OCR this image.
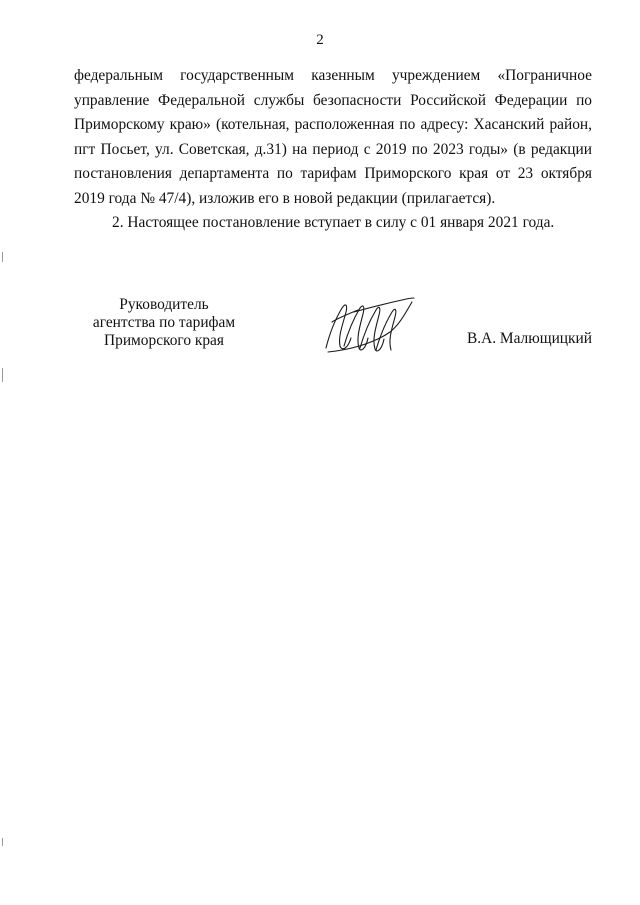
2

федеральным государственным казенным учреждением «Пограничное управление Федеральной службы безопасности Российской Федерации по Приморскому краю» (котельная, расположенная по адресу: Хасанский район, пгт Посьет, ул. Советская, д.31) на период с 2019 по 2023 годы» (в редакции постановления департамента по тарифам Приморского края от 23 октября 2019 года № 47/4), изложив его в новой редакции (прилагается).

2. Настоящее постановление вступает в силу с 01 января 2021 года.

Руководитель
агентства по тарифам
Приморского края	В.А. Малющицкий
